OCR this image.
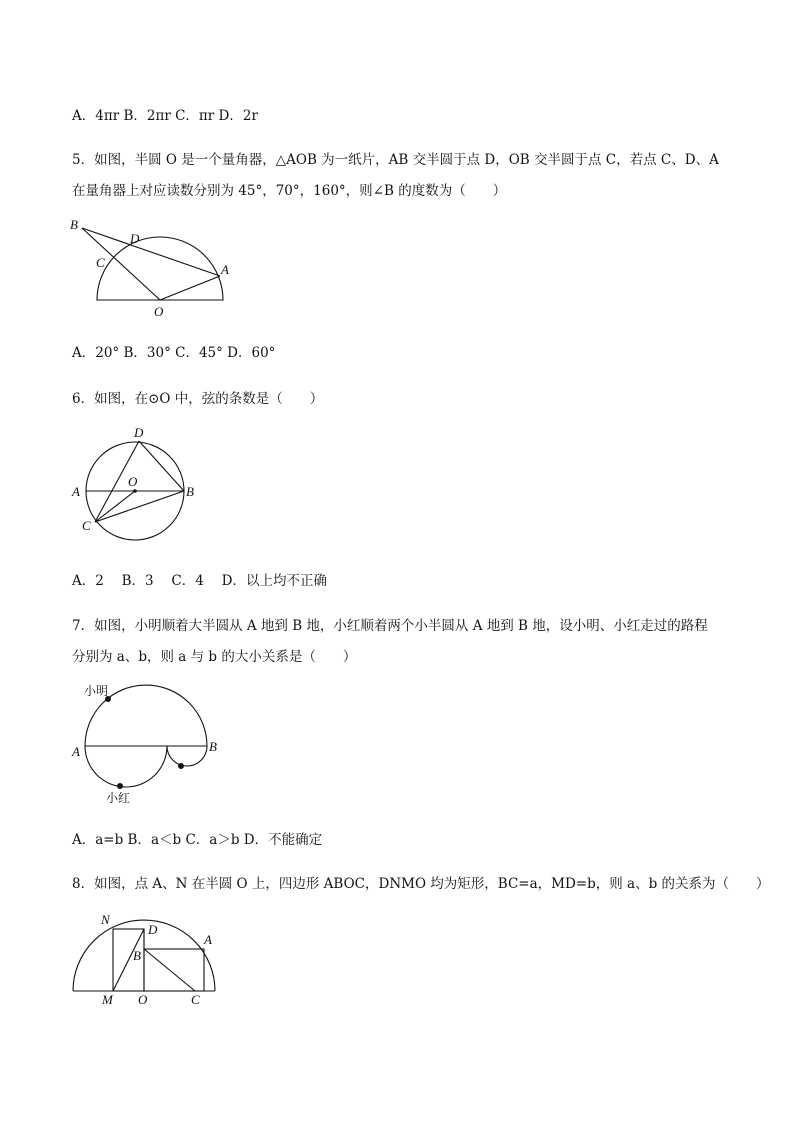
A．4πr B．2πr C．πr D．2r
5．如图，半圆 O 是一个量角器，△AOB 为一纸片，AB 交半圆于点 D，OB 交半圆于点 C，若点 C、D、A
在量角器上对应读数分别为 45°，70°，160°，则∠B 的度数为（　　）
B
D
C	A
O
A．20° B．30° C．45° D．60°
6．如图，在⊙O 中，弦的条数是（　　）
D
A
O
B
C
A．2　 B．3　 C．4　 D．以上均不正确
7．如图，小明顺着大半圆从 A 地到 B 地，小红顺着两个小半圆从 A 地到 B 地，设小明、小红走过的路程
分别为 a、b，则 a 与 b 的大小关系是（　　）
小明
A	B
小红
A．a=b B．a＜b C．a＞b D．不能确定
8．如图，点 A、N 在半圆 O 上，四边形 ABOC，DNMO 均为矩形，BC=a，MD=b，则 a、b 的关系为（　　）
N
D
A
B
M O	C
